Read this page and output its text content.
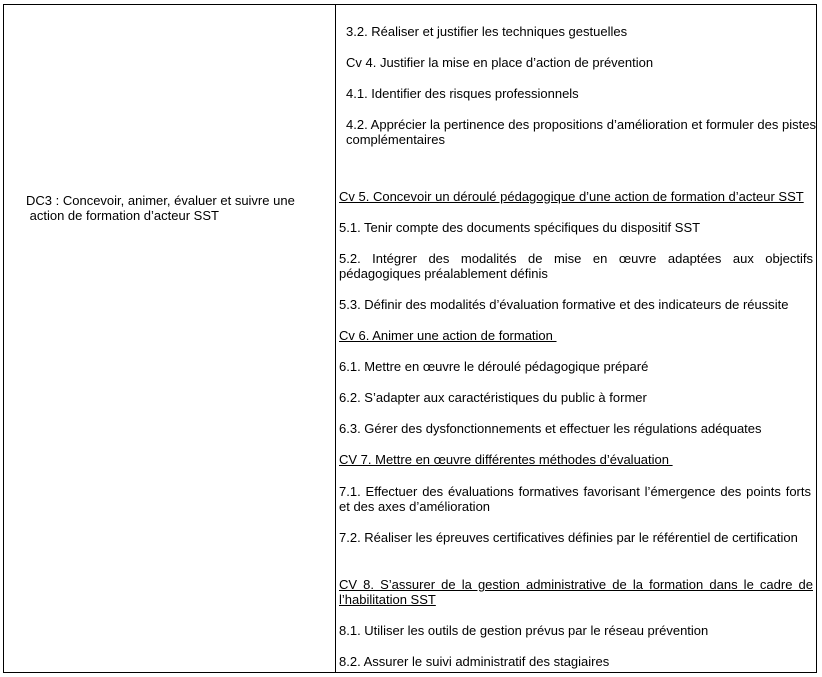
DC3 : Concevoir, animer, évaluer et suivre une
action de formation d’acteur SST
3.2. Réaliser et justifier les techniques gestuelles
Cv 4. Justifier la mise en place d’action de prévention
4.1. Identifier des risques professionnels
4.2. Apprécier la pertinence des propositions d’amélioration et formuler des pistes complémentaires
Cv 5. Concevoir un déroulé pédagogique d’une action de formation d’acteur SST
5.1. Tenir compte des documents spécifiques du dispositif SST
5.2. Intégrer des modalités de mise en œuvre adaptées aux objectifs pédagogiques préalablement définis
5.3. Définir des modalités d’évaluation formative et des indicateurs de réussite
Cv 6. Animer une action de formation
6.1. Mettre en œuvre le déroulé pédagogique préparé
6.2. S’adapter aux caractéristiques du public à former
6.3. Gérer des dysfonctionnements et effectuer les régulations adéquates
CV 7. Mettre en œuvre différentes méthodes d’évaluation
7.1. Effectuer des évaluations formatives favorisant l’émergence des points forts et des axes d’amélioration
7.2. Réaliser les épreuves certificatives définies par le référentiel de certification
CV 8. S’assurer de la gestion administrative de la formation dans le cadre de l’habilitation SST
8.1. Utiliser les outils de gestion prévus par le réseau prévention
8.2. Assurer le suivi administratif des stagiaires
